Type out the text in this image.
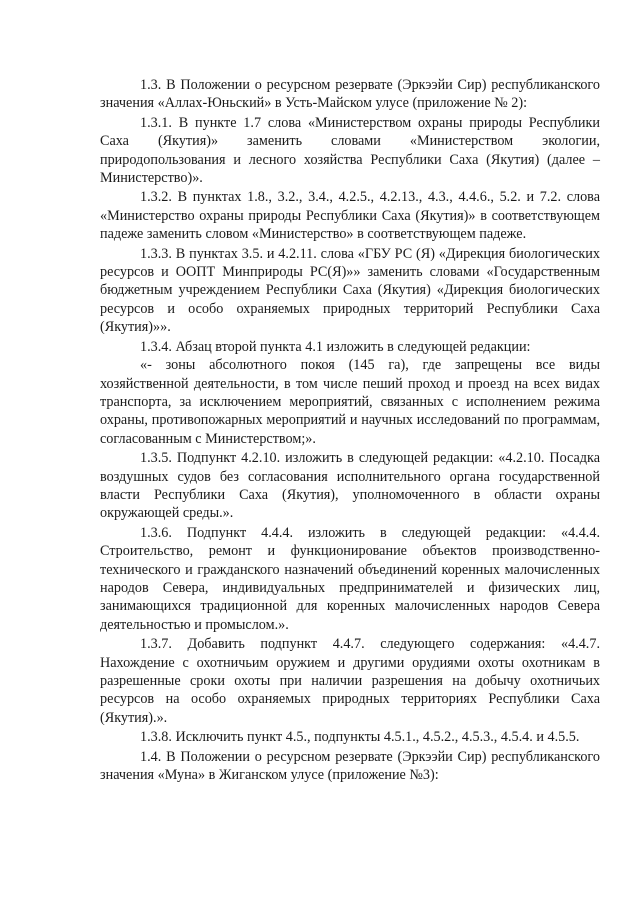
1.3. В Положении о ресурсном резервате (Эркээйи Сир) республиканского значения «Аллах-Юньский» в Усть-Майском улусе (приложение № 2):

1.3.1. В пункте 1.7 слова «Министерством охраны природы Республики Саха (Якутия)» заменить словами «Министерством экологии, природопользования и лесного хозяйства Республики Саха (Якутия) (далее – Министерство)».

1.3.2. В пунктах 1.8., 3.2., 3.4., 4.2.5., 4.2.13., 4.3., 4.4.6., 5.2. и 7.2. слова «Министерство охраны природы Республики Саха (Якутия)» в соответствующем падеже заменить словом «Министерство» в соответствующем падеже.

1.3.3. В пунктах 3.5. и 4.2.11. слова «ГБУ РС (Я) «Дирекция биологических ресурсов и ООПТ Минприроды РС(Я)»» заменить словами «Государственным бюджетным учреждением Республики Саха (Якутия) «Дирекция биологических ресурсов и особо охраняемых природных территорий Республики Саха (Якутия)»».

1.3.4. Абзац второй пункта 4.1 изложить в следующей редакции:

«- зоны абсолютного покоя (145 га), где запрещены все виды хозяйственной деятельности, в том числе пеший проход и проезд на всех видах транспорта, за исключением мероприятий, связанных с исполнением режима охраны, противопожарных мероприятий и научных исследований по программам, согласованным с Министерством;».

1.3.5. Подпункт 4.2.10. изложить в следующей редакции: «4.2.10. Посадка воздушных судов без согласования исполнительного органа государственной власти Республики Саха (Якутия), уполномоченного в области охраны окружающей среды.».

1.3.6. Подпункт 4.4.4. изложить в следующей редакции: «4.4.4. Строительство, ремонт и функционирование объектов производственно-технического и гражданского назначений объединений коренных малочисленных народов Севера, индивидуальных предпринимателей и физических лиц, занимающихся традиционной для коренных малочисленных народов Севера деятельностью и промыслом.».

1.3.7. Добавить подпункт 4.4.7. следующего содержания: «4.4.7. Нахождение с охотничьим оружием и другими орудиями охоты охотникам в разрешенные сроки охоты при наличии разрешения на добычу охотничьих ресурсов на особо охраняемых природных территориях Республики Саха (Якутия).».

1.3.8. Исключить пункт 4.5., подпункты 4.5.1., 4.5.2., 4.5.3., 4.5.4. и 4.5.5.

1.4. В Положении о ресурсном резервате (Эркээйи Сир) республиканского значения «Муна» в Жиганском улусе (приложение №3):
